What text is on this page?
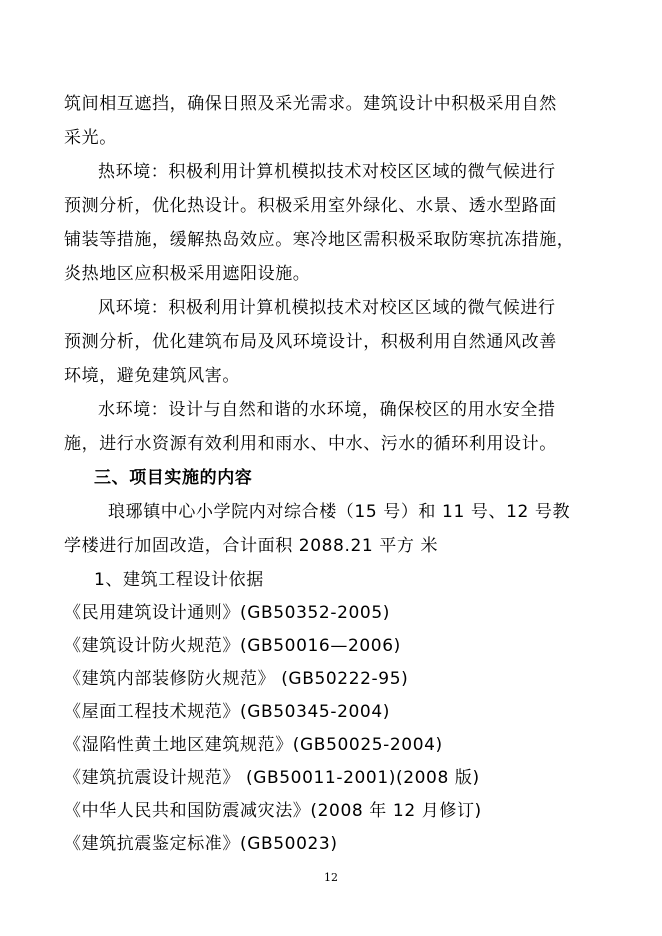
筑间相互遮挡，确保日照及采光需求。建筑设计中积极采用自然
采光。
热环境：积极利用计算机模拟技术对校区区域的微气候进行
预测分析，优化热设计。积极采用室外绿化、水景、透水型路面
铺装等措施，缓解热岛效应。寒冷地区需积极采取防寒抗冻措施，
炎热地区应积极采用遮阳设施。
风环境：积极利用计算机模拟技术对校区区域的微气候进行
预测分析，优化建筑布局及风环境设计，积极利用自然通风改善
环境，避免建筑风害。
水环境：设计与自然和谐的水环境，确保校区的用水安全措
施，进行水资源有效利用和雨水、中水、污水的循环利用设计。
三、项目实施的内容
琅琊镇中心小学院内对综合楼（15 号）和 11 号、12 号教
学楼进行加固改造，合计面积 2088.21 平方 米
1、建筑工程设计依据
《民用建筑设计通则》(GB50352-2005)
《建筑设计防火规范》(GB50016—2006)
《建筑内部装修防火规范》 (GB50222-95)
《屋面工程技术规范》(GB50345-2004)
《湿陷性黄土地区建筑规范》(GB50025-2004)
《建筑抗震设计规范》 (GB50011-2001)(2008 版)
《中华人民共和国防震减灾法》(2008 年 12 月修订)
《建筑抗震鉴定标准》(GB50023)
12
